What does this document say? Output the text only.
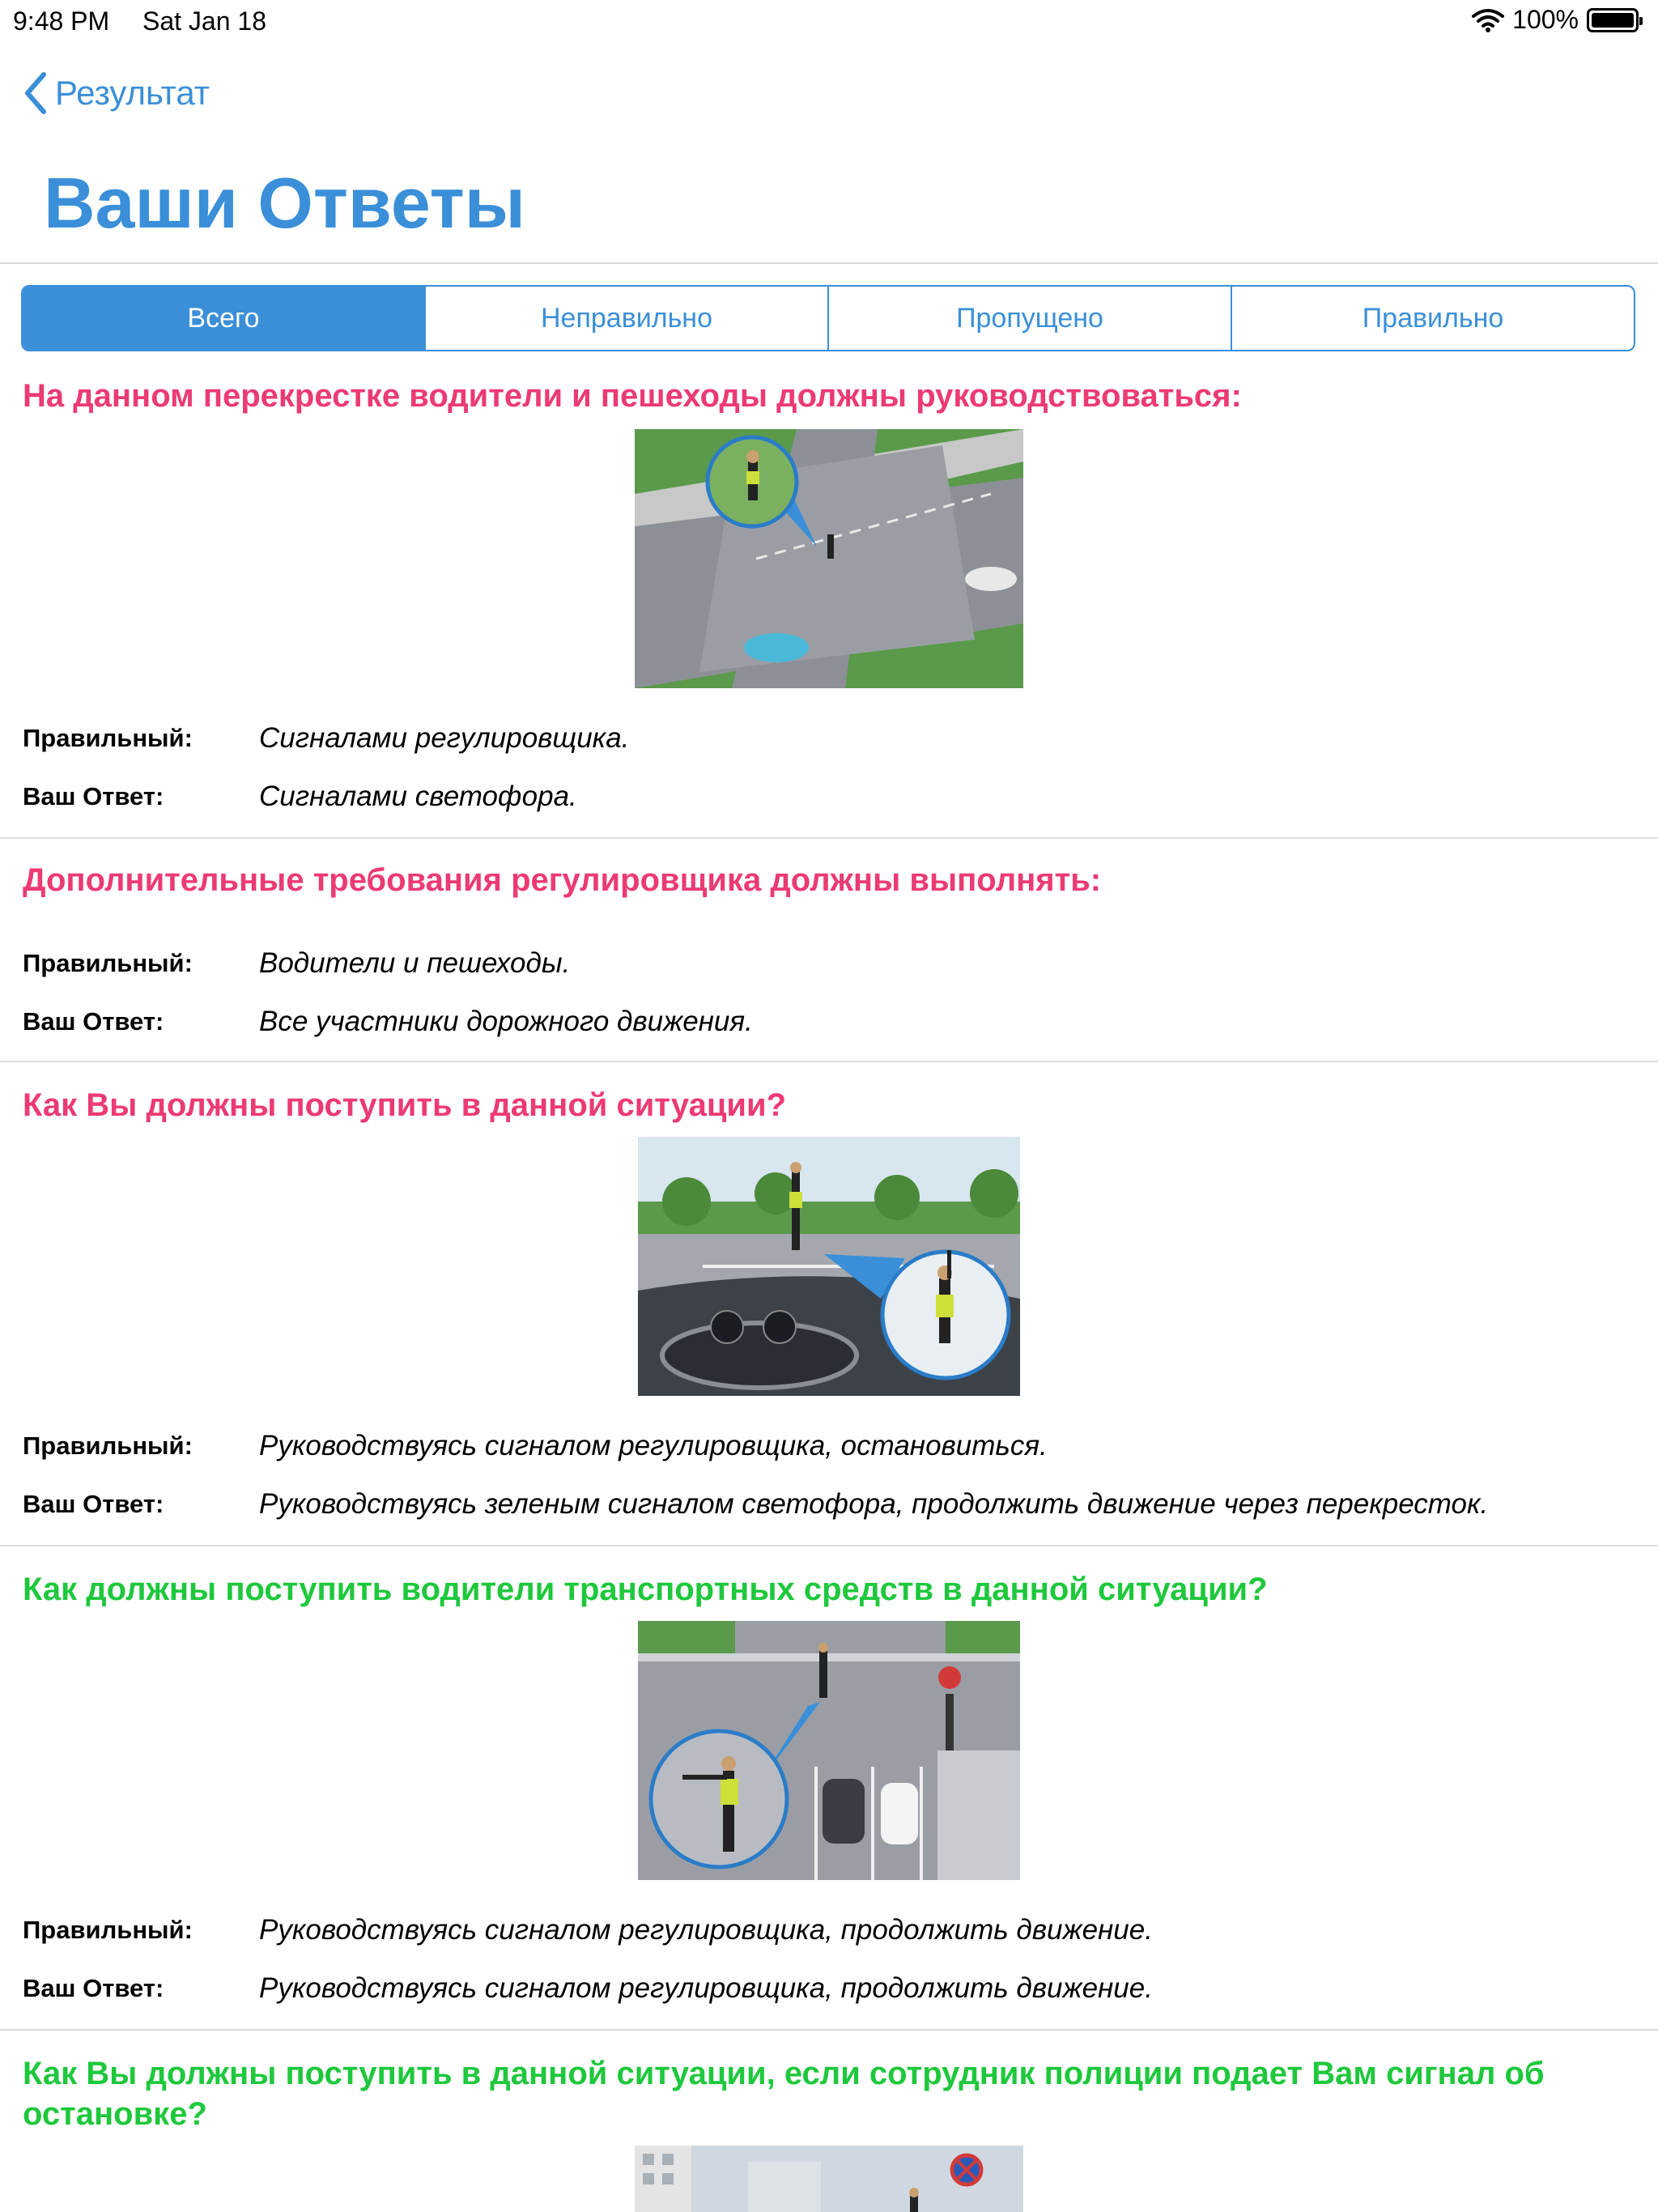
9:48 PM Sat Jan 18	100%
Результат
Ваши Ответы
Всего	Неправильно	Пропущено	Правильно
На данном перекрестке водители и пешеходы должны руководствоваться:
Правильный: Сигналами регулировщика.
Ваш Ответ:	Сигналами светофора.
Дополнительные требования регулировщика должны выполнять:
Правильный: Водители и пешеходы.
Ваш Ответ:	Все участники дорожного движения.
Как Вы должны поступить в данной ситуации?
Правильный: Руководствуясь сигналом регулировщика, остановиться.
Ваш Ответ:	Руководствуясь зеленым сигналом светофора, продолжить движение через перекресток.
Как должны поступить водители транспортных средств в данной ситуации?
Правильный: Руководствуясь сигналом регулировщика, продолжить движение.
Ваш Ответ:	Руководствуясь сигналом регулировщика, продолжить движение.
Как Вы должны поступить в данной ситуации, если сотрудник полиции подает Вам сигнал об остановке?
